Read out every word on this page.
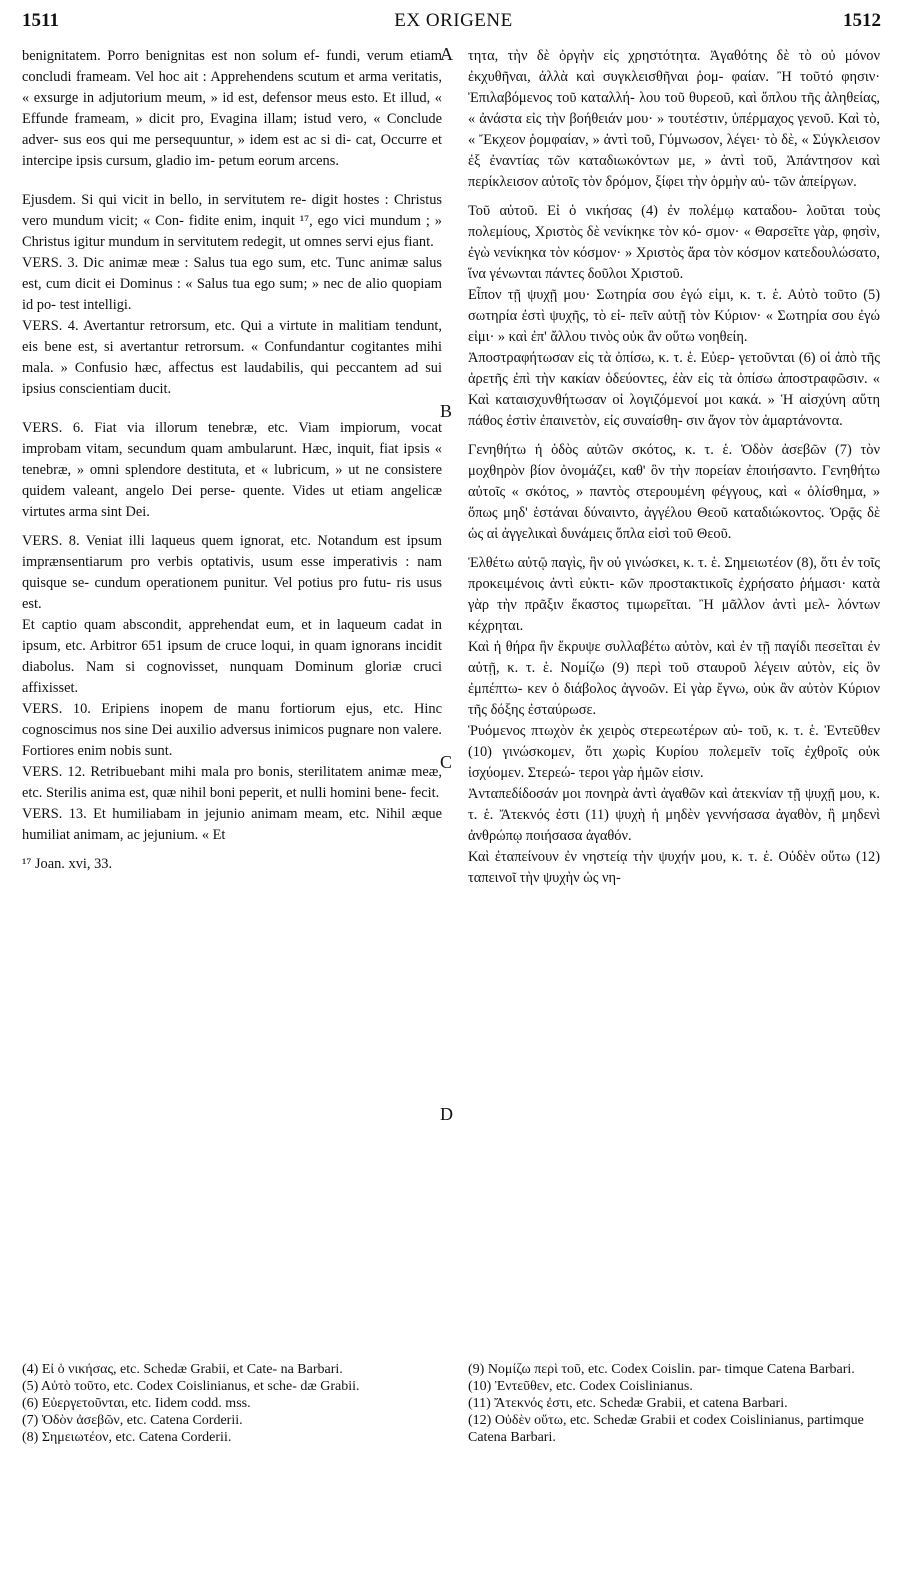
1511	EX ORIGENE	1512

benignitatem. Porro benignitas est non solum ef- fundi, verum etiam concludi frameam. Vel hoc ait : Apprehendens scutum et arma veritatis, « exsurge in adjutorium meum, » id est, defensor meus esto. Et illud, « Effunde frameam, » dicit pro, Evagina illam; istud vero, « Conclude adver- sus eos qui me persequuntur, » idem est ac si di- cat, Occurre et intercipe ipsis cursum, gladio im- petum eorum arcens.

Ejusdem. Si qui vicit in bello, in servitutem re- digit hostes : Christus vero mundum vicit; « Con- fidite enim, inquit ¹⁷, ego vici mundum ; » Christus igitur mundum in servitutem redegit, ut omnes servi ejus fiant.

VERS. 3. Dic animæ meæ : Salus tua ego sum, etc. Tunc animæ salus est, cum dicit ei Dominus : « Salus tua ego sum; » nec de alio quopiam id po- test intelligi.

VERS. 4. Avertantur retrorsum, etc. Qui a virtute in malitiam tendunt, eis bene est, si avertantur retrorsum. « Confundantur cogitantes mihi mala. » Confusio hæc, affectus est laudabilis, qui peccantem ad sui ipsius conscientiam ducit.

VERS. 6. Fiat via illorum tenebræ, etc. Viam impiorum, vocat improbam vitam, secundum quam ambularunt. Hæc, inquit, fiat ipsis « tenebræ, » omni splendore destituta, et « lubricum, » ut ne consistere quidem valeant, angelo Dei perse- quente. Vides ut etiam angelicæ virtutes arma sint Dei.

VERS. 8. Veniat illi laqueus quem ignorat, etc. Notandum est ipsum imprænsentiarum pro verbis optativis, usum esse imperativis : nam quisque se- cundum operationem punitur. Vel potius pro futu- ris usus est.

Et captio quam abscondit, apprehendat eum, et in laqueum cadat in ipsum, etc. Arbitror 651 ipsum de cruce loqui, in quam ignorans incidit diabolus. Nam si cognovisset, nunquam Dominum gloriæ cruci affixisset.

VERS. 10. Eripiens inopem de manu fortiorum ejus, etc. Hinc cognoscimus nos sine Dei auxilio adversus inimicos pugnare non valere. Fortiores enim nobis sunt.

VERS. 12. Retribuebant mihi mala pro bonis, sterilitatem animæ meæ, etc. Sterilis anima est, quæ nihil boni peperit, et nulli homini bene- fecit.

VERS. 13. Et humiliabam in jejunio animam meam, etc. Nihil æque humiliat animam, ac jejunium. « Et

¹⁷ Joan. xvi, 33.

A
B
C
D

τητα, τὴν δὲ ὀργὴν εἰς χρηστότητα. Ἀγαθότης δὲ τὸ οὐ μόνον ἐκχυθῆναι, ἀλλὰ καὶ συγκλεισθῆναι ῥομ- φαίαν. Ἢ τοῦτό φησιν· Ἐπιλαβόμενος τοῦ καταλλή- λου τοῦ θυρεοῦ, καὶ ὅπλου τῆς ἀληθείας, « ἀνάστα εἰς τὴν βοήθειάν μου· » τουτέστιν, ὑπέρμαχος γενοῦ. Καὶ τὸ, « Ἔκχεον ῥομφαίαν, » ἀντὶ τοῦ, Γύμνωσον, λέγει· τὸ δὲ, « Σύγκλεισον ἐξ ἐναντίας τῶν καταδιωκόντων με, » ἀντὶ τοῦ, Ἀπάντησον καὶ περίκλεισον αὐτοῖς τὸν δρόμον, ξίφει τὴν ὁρμὴν αὐ- τῶν ἀπείργων.

Τοῦ αὐτοῦ. Εἰ ὁ νικήσας (4) ἐν πολέμῳ καταδου- λοῦται τοὺς πολεμίους, Χριστὸς δὲ νενίκηκε τὸν κό- σμον· « Θαρσεῖτε γὰρ, φησὶν, ἐγὼ νενίκηκα τὸν κόσμον· » Χριστὸς ἄρα τὸν κόσμον κατεδουλώσατο, ἵνα γένωνται πάντες δοῦλοι Χριστοῦ.

Εἶπον τῇ ψυχῇ μου· Σωτηρία σου ἐγώ εἰμι, κ. τ. ἑ. Αὐτὸ τοῦτο (5) σωτηρία ἐστὶ ψυχῆς, τὸ εἰ- πεῖν αὐτῇ τὸν Κύριον· « Σωτηρία σου ἐγώ εἰμι· » καὶ ἐπ' ἄλλου τινὸς οὐκ ἂν οὕτω νοηθείη.

Ἀποστραφήτωσαν εἰς τὰ ὀπίσω, κ. τ. ἑ. Εὐερ- γετοῦνται (6) οἱ ἀπὸ τῆς ἀρετῆς ἐπὶ τὴν κακίαν ὁδεύοντες, ἐὰν εἰς τὰ ὀπίσω ἀποστραφῶσιν. « Καὶ καταισχυνθήτωσαν οἱ λογιζόμενοί μοι κακά. » Ἡ αἰσχύνη αὕτη πάθος ἐστὶν ἐπαινετὸν, εἰς συναίσθη- σιν ἄγον τὸν ἁμαρτάνοντα.

Γενηθήτω ἡ ὁδὸς αὐτῶν σκότος, κ. τ. ἑ. Ὁδὸν ἀσεβῶν (7) τὸν μοχθηρὸν βίον ὀνομάζει, καθ' ὃν τὴν πορείαν ἐποιήσαντο. Γενηθήτω αὐτοῖς « σκότος, » παντὸς στερουμένη φέγγους, καὶ « ὀλίσθημα, » ὅπως μηδ' ἑστάναι δύναιντο, ἀγγέλου Θεοῦ καταδιώκοντος. Ὁρᾷς δὲ ὡς αἱ ἀγγελικαὶ δυνάμεις ὅπλα εἰσὶ τοῦ Θεοῦ.

Ἐλθέτω αὐτῷ παγὶς, ἣν οὐ γινώσκει, κ. τ. ἑ. Σημειωτέον (8), ὅτι ἐν τοῖς προκειμένοις ἀντὶ εὐκτι- κῶν προστακτικοῖς ἐχρήσατο ῥήμασι· κατὰ γὰρ τὴν πρᾶξιν ἕκαστος τιμωρεῖται. Ἢ μᾶλλον ἀντὶ μελ- λόντων κέχρηται.

Καὶ ἡ θήρα ἣν ἔκρυψε συλλαβέτω αὐτὸν, καὶ ἐν τῇ παγίδι πεσεῖται ἐν αὐτῇ, κ. τ. ἑ. Νομίζω (9) περὶ τοῦ σταυροῦ λέγειν αὐτὸν, εἰς ὃν ἐμπέπτω- κεν ὁ διάβολος ἀγνοῶν. Εἰ γὰρ ἔγνω, οὐκ ἂν αὐτὸν Κύριον τῆς δόξης ἐσταύρωσε.

Ῥυόμενος πτωχὸν ἐκ χειρὸς στερεωτέρων αὐ- τοῦ, κ. τ. ἑ. Ἐντεῦθεν (10) γινώσκομεν, ὅτι χωρὶς Κυρίου πολεμεῖν τοῖς ἐχθροῖς οὐκ ἰσχύομεν. Στερεώ- τεροι γὰρ ἡμῶν εἰσιν.

Ἀνταπεδίδοσάν μοι πονηρὰ ἀντὶ ἀγαθῶν καὶ ἀτεκνίαν τῇ ψυχῇ μου, κ. τ. ἑ. Ἄτεκνός ἐστι (11) ψυχὴ ἡ μηδὲν γεννήσασα ἀγαθὸν, ἢ μηδενὶ ἀνθρώπῳ ποιήσασα ἀγαθόν.

Καὶ ἐταπείνουν ἐν νηστείᾳ τὴν ψυχήν μου, κ. τ. ἑ. Οὐδὲν οὕτω (12) ταπεινοῖ τὴν ψυχὴν ὡς νη-

(4) Εἰ ὁ νικήσας, etc. Schedæ Grabii, et Cate- na Barbari.
(5) Αὐτὸ τοῦτο, etc. Codex Coislinianus, et sche- dæ Grabii.
(6) Εὐεργετοῦνται, etc. Iidem codd. mss.
(7) Ὁδὸν ἀσεβῶν, etc. Catena Corderii.
(8) Σημειωτέον, etc. Catena Corderii.
(9) Νομίζω περὶ τοῦ, etc. Codex Coislin. par- timque Catena Barbari.
(10) Ἐντεῦθεν, etc. Codex Coislinianus.
(11) Ἄτεκνός ἐστι, etc. Schedæ Grabii, et catena Barbari.
(12) Οὐδὲν οὕτω, etc. Schedæ Grabii et codex Coislinianus, partimque Catena Barbari.
